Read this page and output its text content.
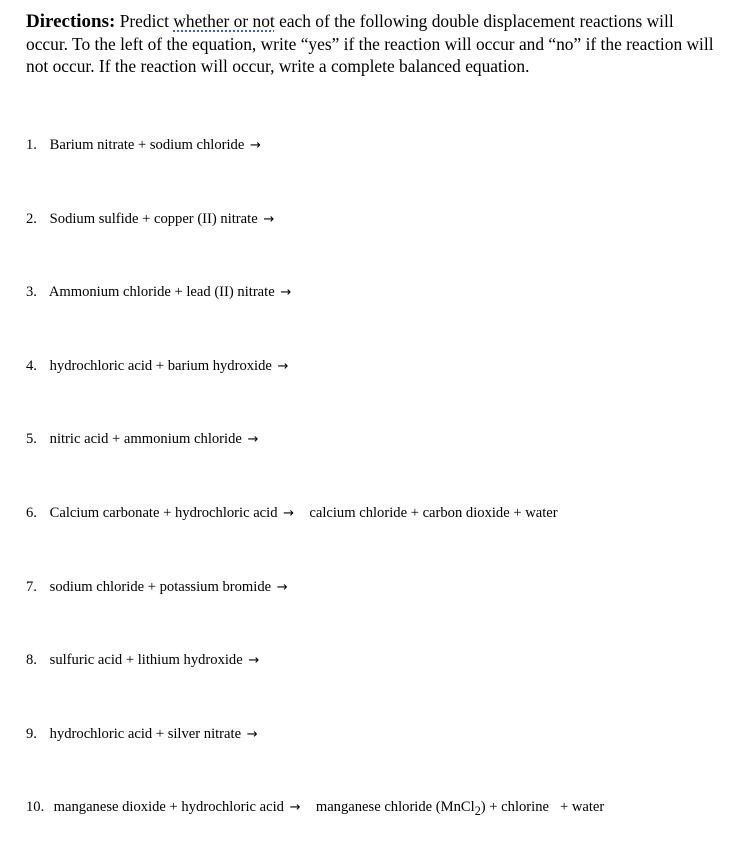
Directions: Predict whether or not each of the following double displacement reactions will occur. To the left of the equation, write “yes” if the reaction will occur and “no” if the reaction will not occur. If the reaction will occur, write a complete balanced equation.
1. Barium nitrate + sodium chloride →
2. Sodium sulfide + copper (II) nitrate →
3. Ammonium chloride + lead (II) nitrate →
4. hydrochloric acid + barium hydroxide →
5. nitric acid + ammonium chloride →
6. Calcium carbonate + hydrochloric acid → calcium chloride + carbon dioxide + water
7. sodium chloride + potassium bromide →
8. sulfuric acid + lithium hydroxide →
9. hydrochloric acid + silver nitrate →
10. manganese dioxide + hydrochloric acid → manganese chloride (MnCl$_2$) + chlorine   + water
